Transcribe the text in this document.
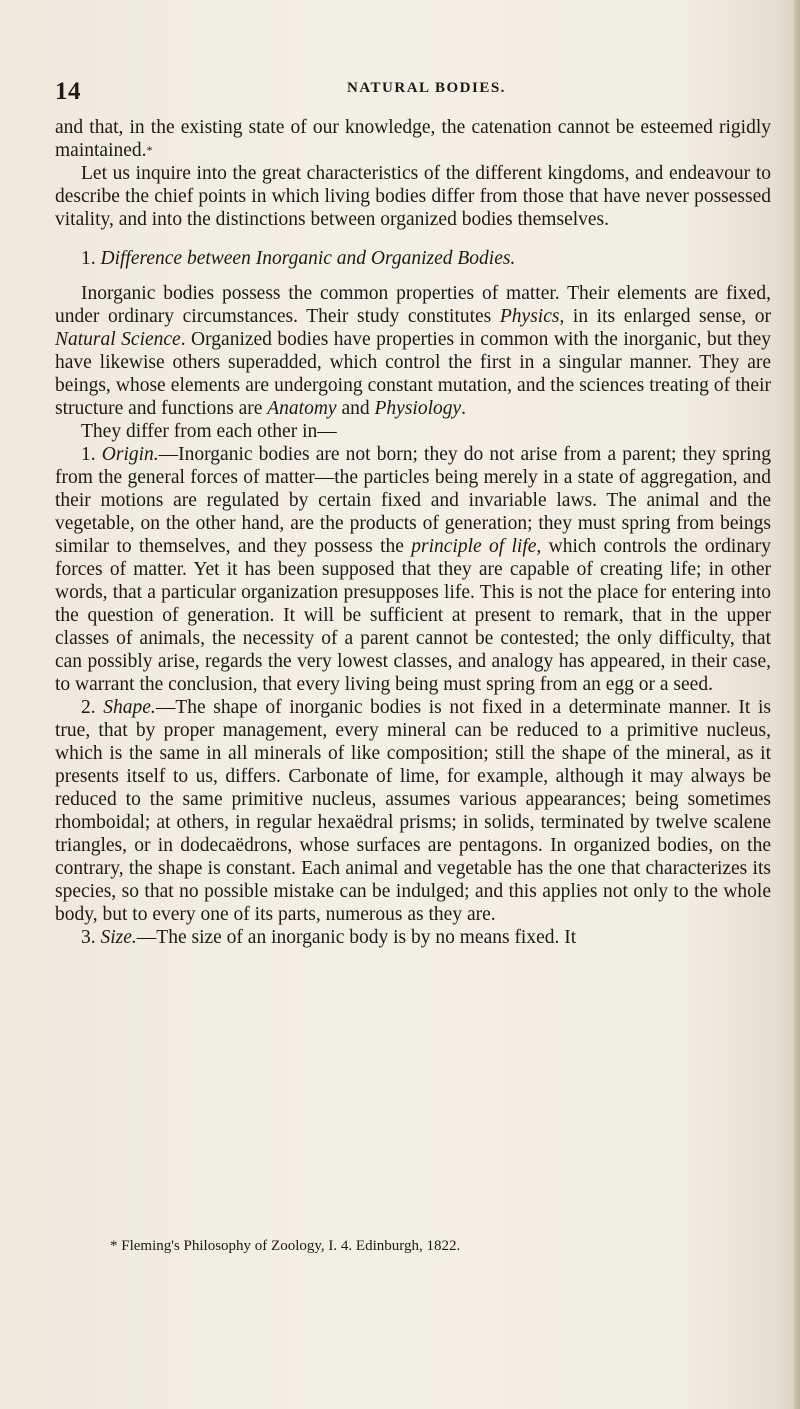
14	NATURAL BODIES.

and that, in the existing state of our knowledge, the catenation cannot be esteemed rigidly maintained.*

Let us inquire into the great characteristics of the different kingdoms, and endeavour to describe the chief points in which living bodies differ from those that have never possessed vitality, and into the distinctions between organized bodies themselves.

1. Difference between Inorganic and Organized Bodies.

Inorganic bodies possess the common properties of matter. Their elements are fixed, under ordinary circumstances. Their study constitutes Physics, in its enlarged sense, or Natural Science. Organized bodies have properties in common with the inorganic, but they have likewise others superadded, which control the first in a singular manner. They are beings, whose elements are undergoing constant mutation, and the sciences treating of their structure and functions are Anatomy and Physiology.

They differ from each other in—

1. Origin.—Inorganic bodies are not born; they do not arise from a parent; they spring from the general forces of matter—the particles being merely in a state of aggregation, and their motions are regulated by certain fixed and invariable laws. The animal and the vegetable, on the other hand, are the products of generation; they must spring from beings similar to themselves, and they possess the principle of life, which controls the ordinary forces of matter. Yet it has been supposed that they are capable of creating life; in other words, that a particular organization presupposes life. This is not the place for entering into the question of generation. It will be sufficient at present to remark, that in the upper classes of animals, the necessity of a parent cannot be contested; the only difficulty, that can possibly arise, regards the very lowest classes, and analogy has appeared, in their case, to warrant the conclusion, that every living being must spring from an egg or a seed.

2. Shape.—The shape of inorganic bodies is not fixed in a determinate manner. It is true, that by proper management, every mineral can be reduced to a primitive nucleus, which is the same in all minerals of like composition; still the shape of the mineral, as it presents itself to us, differs. Carbonate of lime, for example, although it may always be reduced to the same primitive nucleus, assumes various appearances; being sometimes rhomboidal; at others, in regular hexaëdral prisms; in solids, terminated by twelve scalene triangles, or in dodecaëdrons, whose surfaces are pentagons. In organized bodies, on the contrary, the shape is constant. Each animal and vegetable has the one that characterizes its species, so that no possible mistake can be indulged; and this applies not only to the whole body, but to every one of its parts, numerous as they are.

3. Size.—The size of an inorganic body is by no means fixed. It

* Fleming's Philosophy of Zoology, I. 4. Edinburgh, 1822.
